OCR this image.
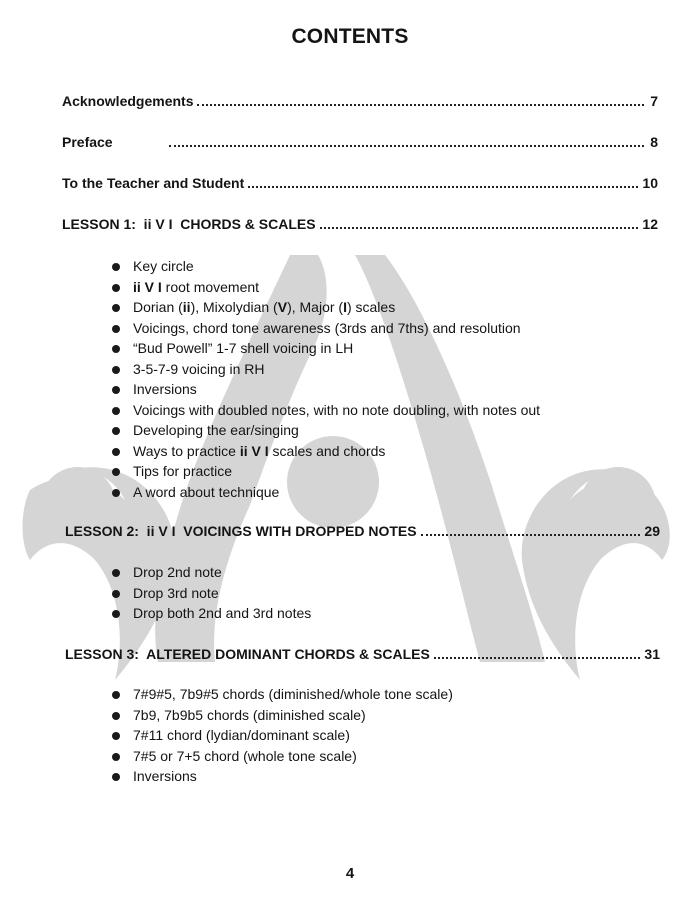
CONTENTS
Acknowledgements	7
Preface	8
To the Teacher and Student	10
LESSON 1:  ii V I  CHORDS & SCALES	12
Key circle
ii V I root movement
Dorian (ii), Mixolydian (V), Major (I) scales
Voicings, chord tone awareness (3rds and 7ths) and resolution
“Bud Powell” 1-7 shell voicing in LH
3-5-7-9 voicing in RH
Inversions
Voicings with doubled notes, with no note doubling, with notes out
Developing the ear/singing
Ways to practice ii V I scales and chords
Tips for practice
A word about technique
LESSON 2:  ii V I  VOICINGS WITH DROPPED NOTES	29
Drop 2nd note
Drop 3rd note
Drop both 2nd and 3rd notes
LESSON 3:  ALTERED DOMINANT CHORDS & SCALES	31
7#9#5, 7b9#5 chords (diminished/whole tone scale)
7b9, 7b9b5 chords (diminished scale)
7#11 chord (lydian/dominant scale)
7#5 or 7+5 chord (whole tone scale)
Inversions
4
